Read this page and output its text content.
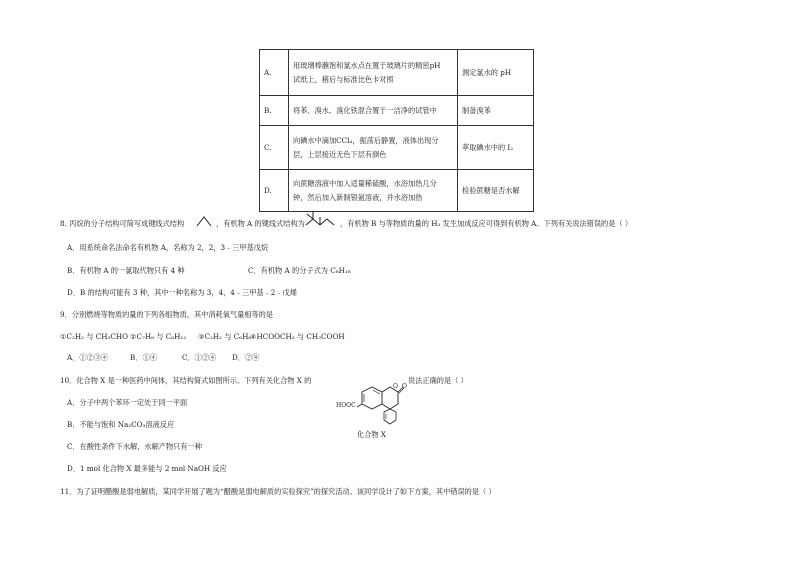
A.	用玻璃棒蘸饱和氯水点在置于玻璃片的精密pH
试纸上，稍后与标准比色卡对照	测定氯水的 pH
B.	将苯、溴水、溴化铁混合置于一洁净的试管中	制备溴苯
C.	向碘水中滴加CCl₄，振荡后静置，液体出现分
层，上层接近无色下层有颜色	萃取碘水中的 I₂
D.	向蔗糖溶液中加入适量稀硫酸，水浴加热几分
钟，然后加入新制银氨溶液，并水浴加热	检验蔗糖是否水解
8. 丙烷的分子结构可简写成键线式结构	，有机物 A 的键线式结构为	，有机物 B 与等物质的量的 H₂ 发生加成反应可得到有机物 A。下列有关说法错误的是（ ）
A．用系统命名法命名有机物 A，名称为 2，2，3﹣三甲基戊烷
B．有机物 A 的一氯取代物只有 4 种	C．有机物 A 的分子式为 C₈H₁₈
D．B 的结构可能有 3 种，其中一种名称为 3，4，4﹣三甲基﹣2﹣戊烯
9．分别燃烧等物质的量的下列各组物质，其中消耗氧气量相等的是
①C₂H₂ 与 CH₃CHO ②C₇H₈ 与 C₆H₁₂ ③C₂H₂ 与 C₆H₆
④HCOOCH₃ 与 CH₃COOH
A．①②③④	B．①④	C．①②④ D．②④
10．化合物 X 是一种医药中间体，其结构简式如图所示。下列有关化合物 X 的	说法正确的是（ ）
O
O
HOOC
化合物 X
A．分子中两个苯环一定处于同一平面
B．不能与饱和 Na₂CO₃溶液反应
C．在酸性条件下水解，水解产物只有一种
D．1 mol 化合物 X 最多能与 2 mol NaOH 反应
11．为了证明醋酸是弱电解质，某同学开展了题为“醋酸是弱电解质的实验探究”的探究活动。该同学设计了如下方案，其中错误的是（ ）
